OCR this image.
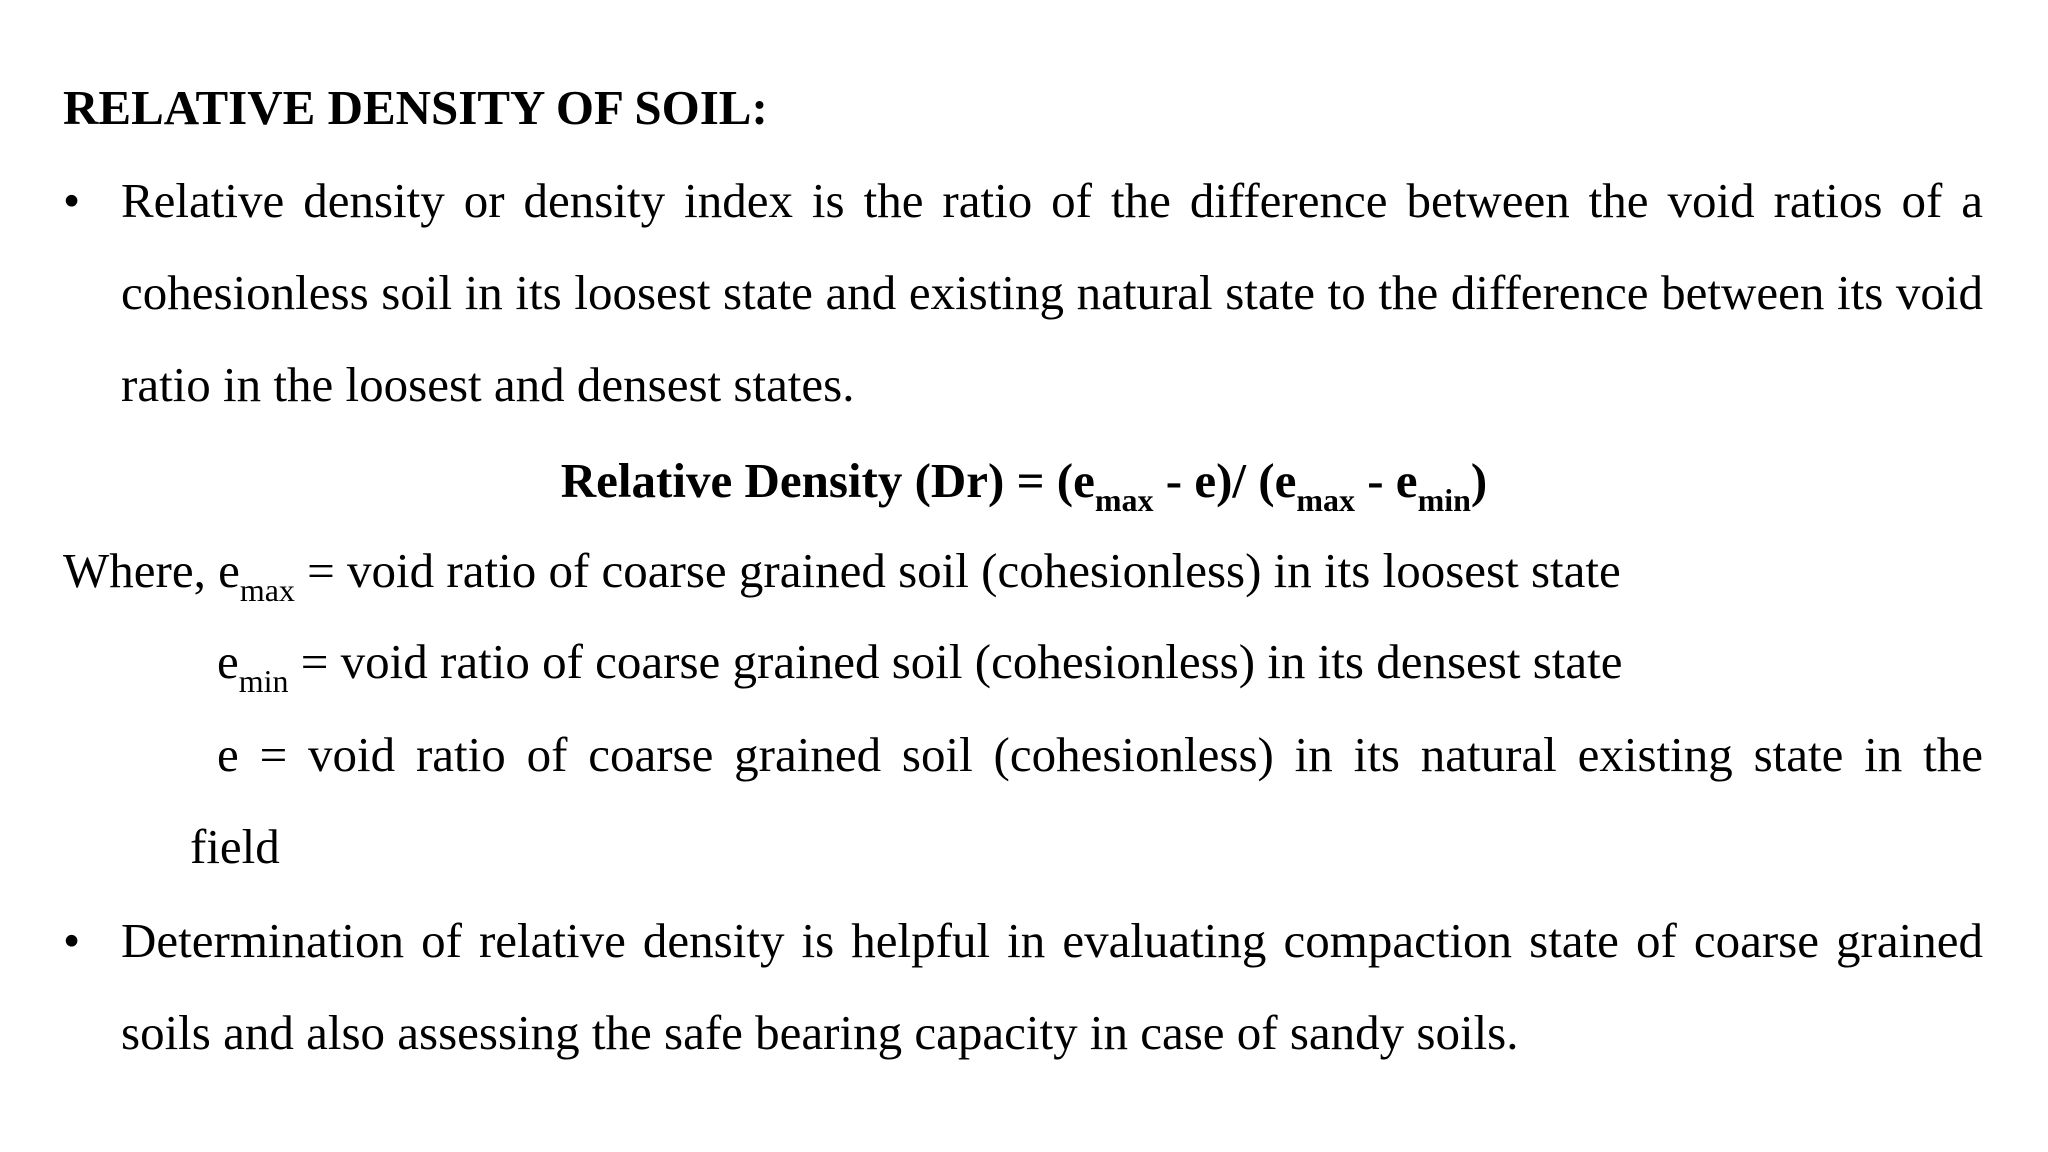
RELATIVE DENSITY OF SOIL:
• Relative density or density index is the ratio of the difference between the void ratios of a cohesionless soil in its loosest state and existing natural state to the difference between its void ratio in the loosest and densest states.
Relative Density $(Dr) = (e_{max} - e)/$ $(e_{max} - e_{min})$
Where, $e_{max}$ = void ratio of coarse grained soil (cohesionless) in its loosest state
$e_{min}$ = void ratio of coarse grained soil (cohesionless) in its densest state
e = void ratio of coarse grained soil (cohesionless) in its natural existing state in the
field
• Determination of relative density is helpful in evaluating compaction state of coarse grained soils and also assessing the safe bearing capacity in case of sandy soils.
